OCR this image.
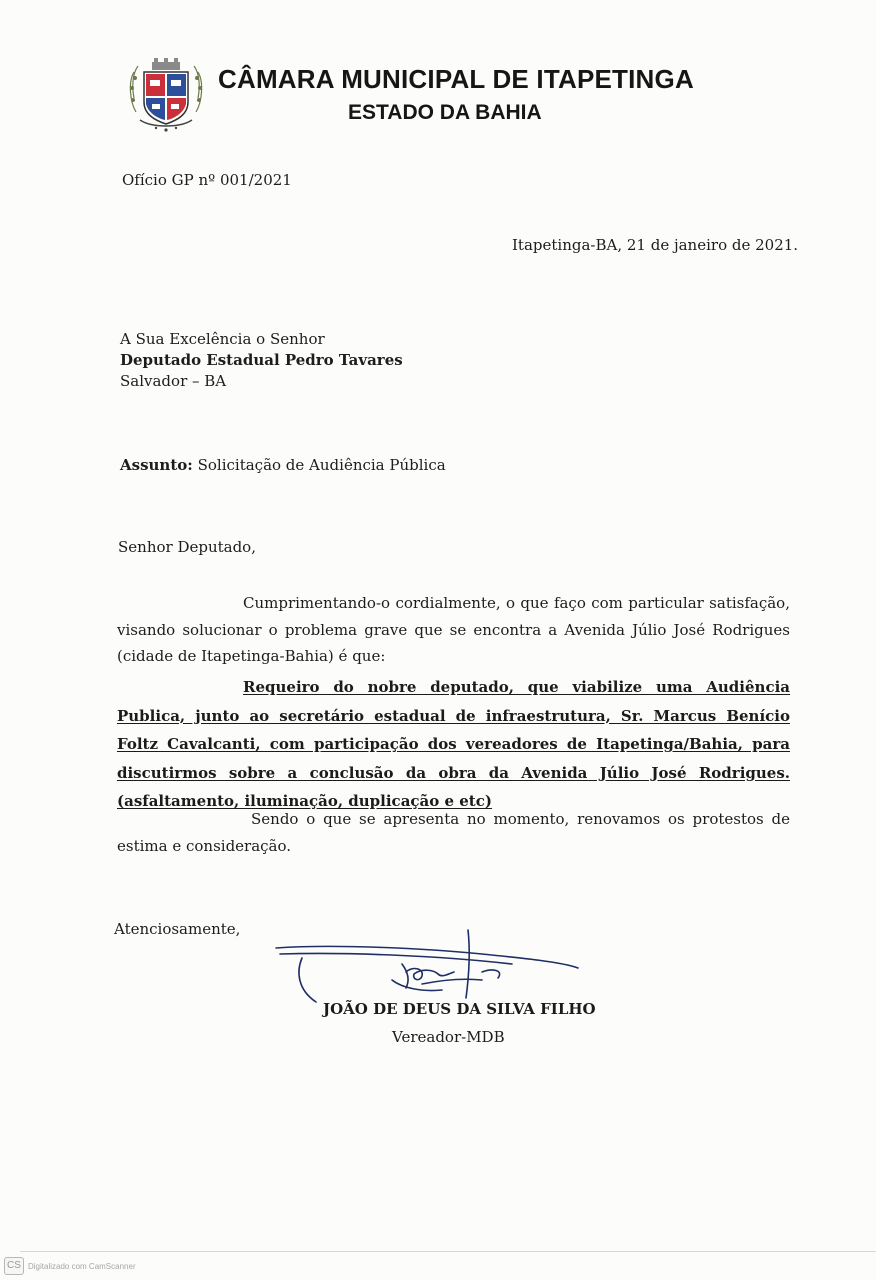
CÂMARA MUNICIPAL DE ITAPETINGA
ESTADO DA BAHIA
Ofício GP nº 001/2021
Itapetinga-BA, 21 de janeiro de 2021.
A Sua Excelência o Senhor
Deputado Estadual Pedro Tavares
Salvador – BA
Assunto: Solicitação de Audiência Pública
Senhor Deputado,
Cumprimentando-o cordialmente, o que faço com particular satisfação, visando solucionar o problema grave que se encontra a Avenida Júlio José Rodrigues (cidade de Itapetinga-Bahia) é que:
Requeiro do nobre deputado, que viabilize uma Audiência Publica, junto ao secretário estadual de infraestrutura, Sr. Marcus Benício Foltz Cavalcanti, com participação dos vereadores de Itapetinga/Bahia, para discutirmos sobre a conclusão da obra da Avenida Júlio José Rodrigues. (asfaltamento, iluminação, duplicação e etc)
Sendo o que se apresenta no momento, renovamos os protestos de estima e consideração.
Atenciosamente,
JOÃO DE DEUS DA SILVA FILHO
Vereador-MDB
CS Digitalizado com CamScanner
